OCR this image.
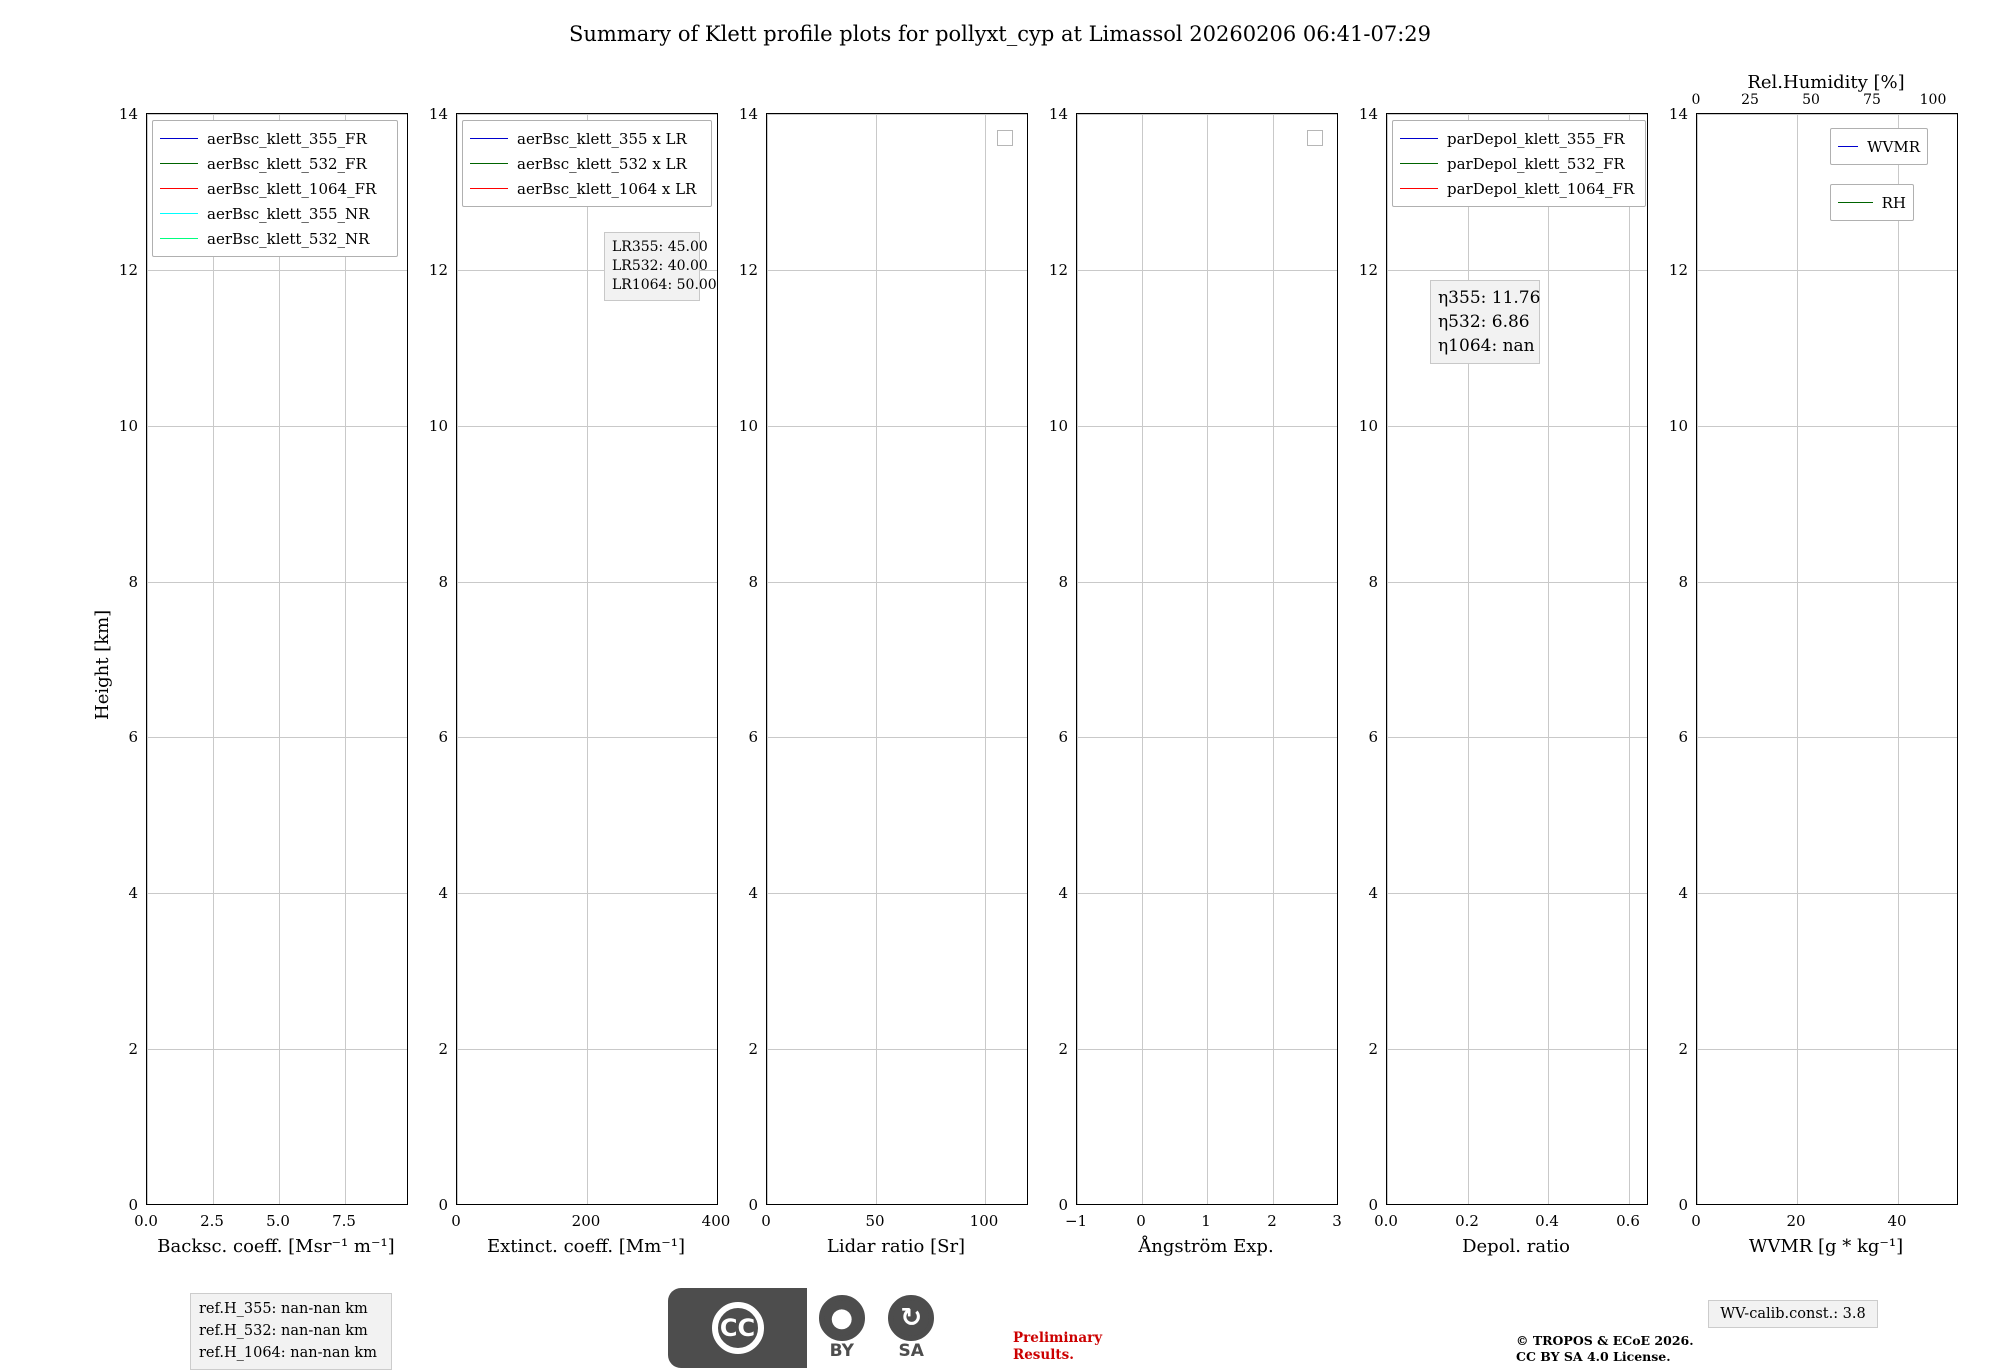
Summary of Klett profile plots for pollyxt_cyp at Limassol 20260206 06:41-07:29
Height [km]
0
2
4
6
8
10
12
14
0.0	2.5	5.0	7.5
Backsc. coeff. [Msr⁻¹ m⁻¹]
aerBsc_klett_355_FR
aerBsc_klett_532_FR
aerBsc_klett_1064_FR
aerBsc_klett_355_NR
aerBsc_klett_532_NR
0
2
4
6
8
10
12
14
0	200	400
Extinct. coeff. [Mm⁻¹]
aerBsc_klett_355 x LR
aerBsc_klett_532 x LR
aerBsc_klett_1064 x LR
LR355: 45.00
LR532: 40.00
LR1064: 50.00
0
2
4
6
8
10
12
14
0	50	100
Lidar ratio [Sr]
0
2
4
6
8
10
12
14
−1	0	1	2	3
Ångström Exp.
0
2
4
6
8
10
12
14
0.0	0.2	0.4	0.6
Depol. ratio
parDepol_klett_355_FR
parDepol_klett_532_FR
parDepol_klett_1064_FR
η355: 11.76
η532: 6.86
η1064: nan
0
2
4
6
8
10
12
14
0	20	40
WVMR [g * kg⁻¹]
Rel.Humidity [%]
0	25	50	75	100
WVMR
RH
ref.H_355: nan-nan km
ref.H_532: nan-nan km
ref.H_1064: nan-nan km
WV-calib.const.: 3.8
Preliminary
Results.
© TROPOS & ECoE 2026.
CC BY SA 4.0 License.
CC	●
BY
↻
SA
